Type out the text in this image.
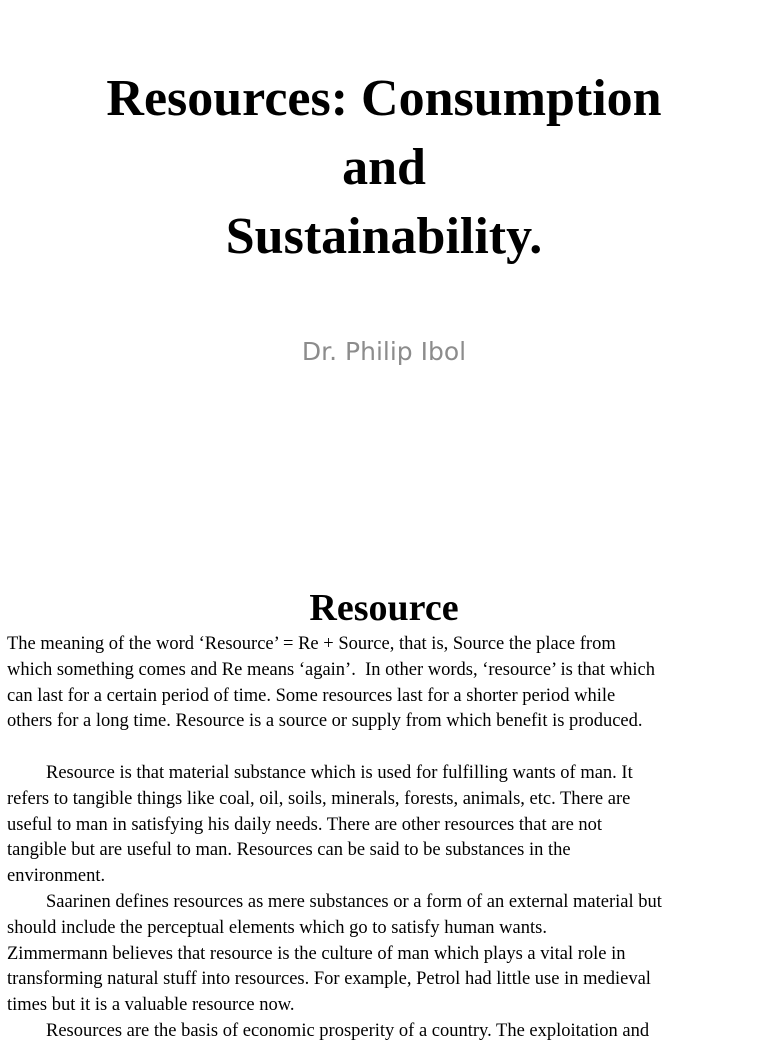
Resources: Consumption
and
Sustainability.
Dr. Philip Ibol
Resource
The meaning of the word ‘Resource’ = Re + Source, that is, Source the place from
which something comes and Re means ‘again’.  In other words, ‘resource’ is that which
can last for a certain period of time. Some resources last for a shorter period while
others for a long time. Resource is a source or supply from which benefit is produced.
Resource is that material substance which is used for fulfilling wants of man. It
refers to tangible things like coal, oil, soils, minerals, forests, animals, etc. There are
useful to man in satisfying his daily needs. There are other resources that are not
tangible but are useful to man. Resources can be said to be substances in the
environment.
Saarinen defines resources as mere substances or a form of an external material but
should include the perceptual elements which go to satisfy human wants.
Zimmermann believes that resource is the culture of man which plays a vital role in
transforming natural stuff into resources. For example, Petrol had little use in medieval
times but it is a valuable resource now.
Resources are the basis of economic prosperity of a country. The exploitation and
